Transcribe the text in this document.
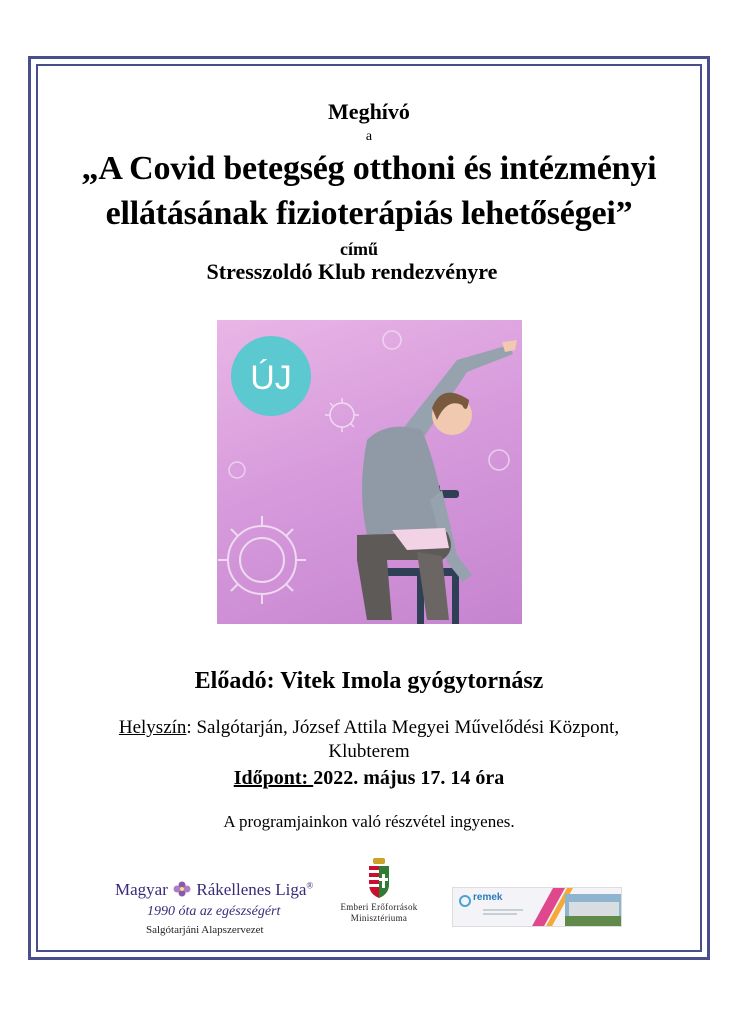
Meghívó
a
„A Covid betegség otthoni és intézményi
ellátásának fizioterápiás lehetőségei”
című
Stresszoldó Klub rendezvényre
ÚJ
Előadó: Vitek Imola gyógytornász
Helyszín: Salgótarján, József Attila Megyei Művelődési Központ,
Klubterem
Időpont: 2022. május 17. 14 óra
A programjainkon való részvétel ingyenes.
Magyar Rákellenes Liga®
1990 óta az egészségért
Salgótarjáni Alapszervezet
Emberi Erőforrások
Minisztériuma
remek
